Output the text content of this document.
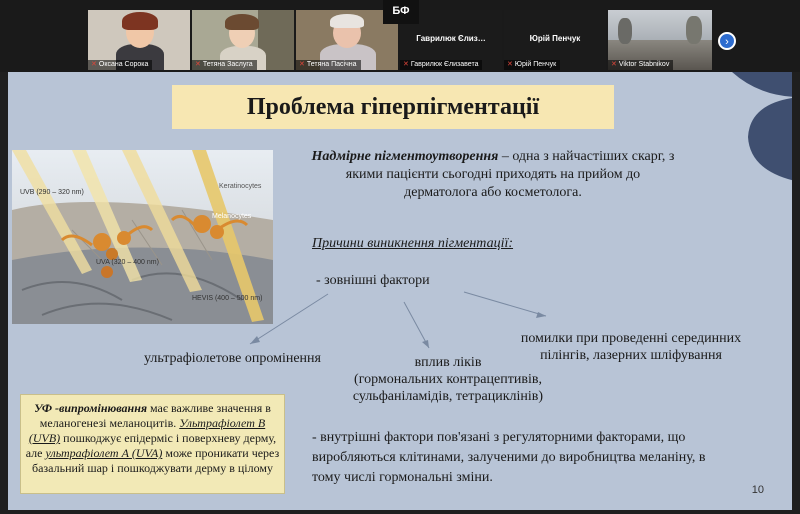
✕ Оксана Сорока	✕ Тетяна Заслуга	✕ Тетяна Пасічна
Гаврилюк Єлиз…
✕ Гаврилюк Єлизавета
Юрій Пенчук
✕ Юрій Пенчук	✕ Viktor Stabnikov
БФ
›
Проблема гіперпігментації
UVB (290 – 320 nm)
UVA (320 – 400 nm)
HEVIS (400 – 500 nm)
Keratinocytes
Melanocytes
Надмірне пігментоутворення – одна з найчастіших скарг, з якими пацієнти сьогодні приходять на прийом до дерматолога або косметолога.
Причини виникнення пігментації:
- зовнішні фактори
ультрафіолетове опромінення	вплив ліків
(гормональних контрацептивів,
сульфаніламідів, тетрациклінів)
помилки при проведенні серединних
пілінгів, лазерних шліфування
УФ -випромінювання має важливе значення в меланогенезі меланоцитів. Ультрафіолет В (UVB) пошкоджує епідерміс і поверхневу дерму, але ультрафіолет А (UVA) може проникати через базальний шар і пошкоджувати дерму в цілому
- внутрішні фактори пов'язані з регуляторними факторами, що виробляються клітинами, залученими до виробництва меланіну, в тому числі гормональні зміни.
10
